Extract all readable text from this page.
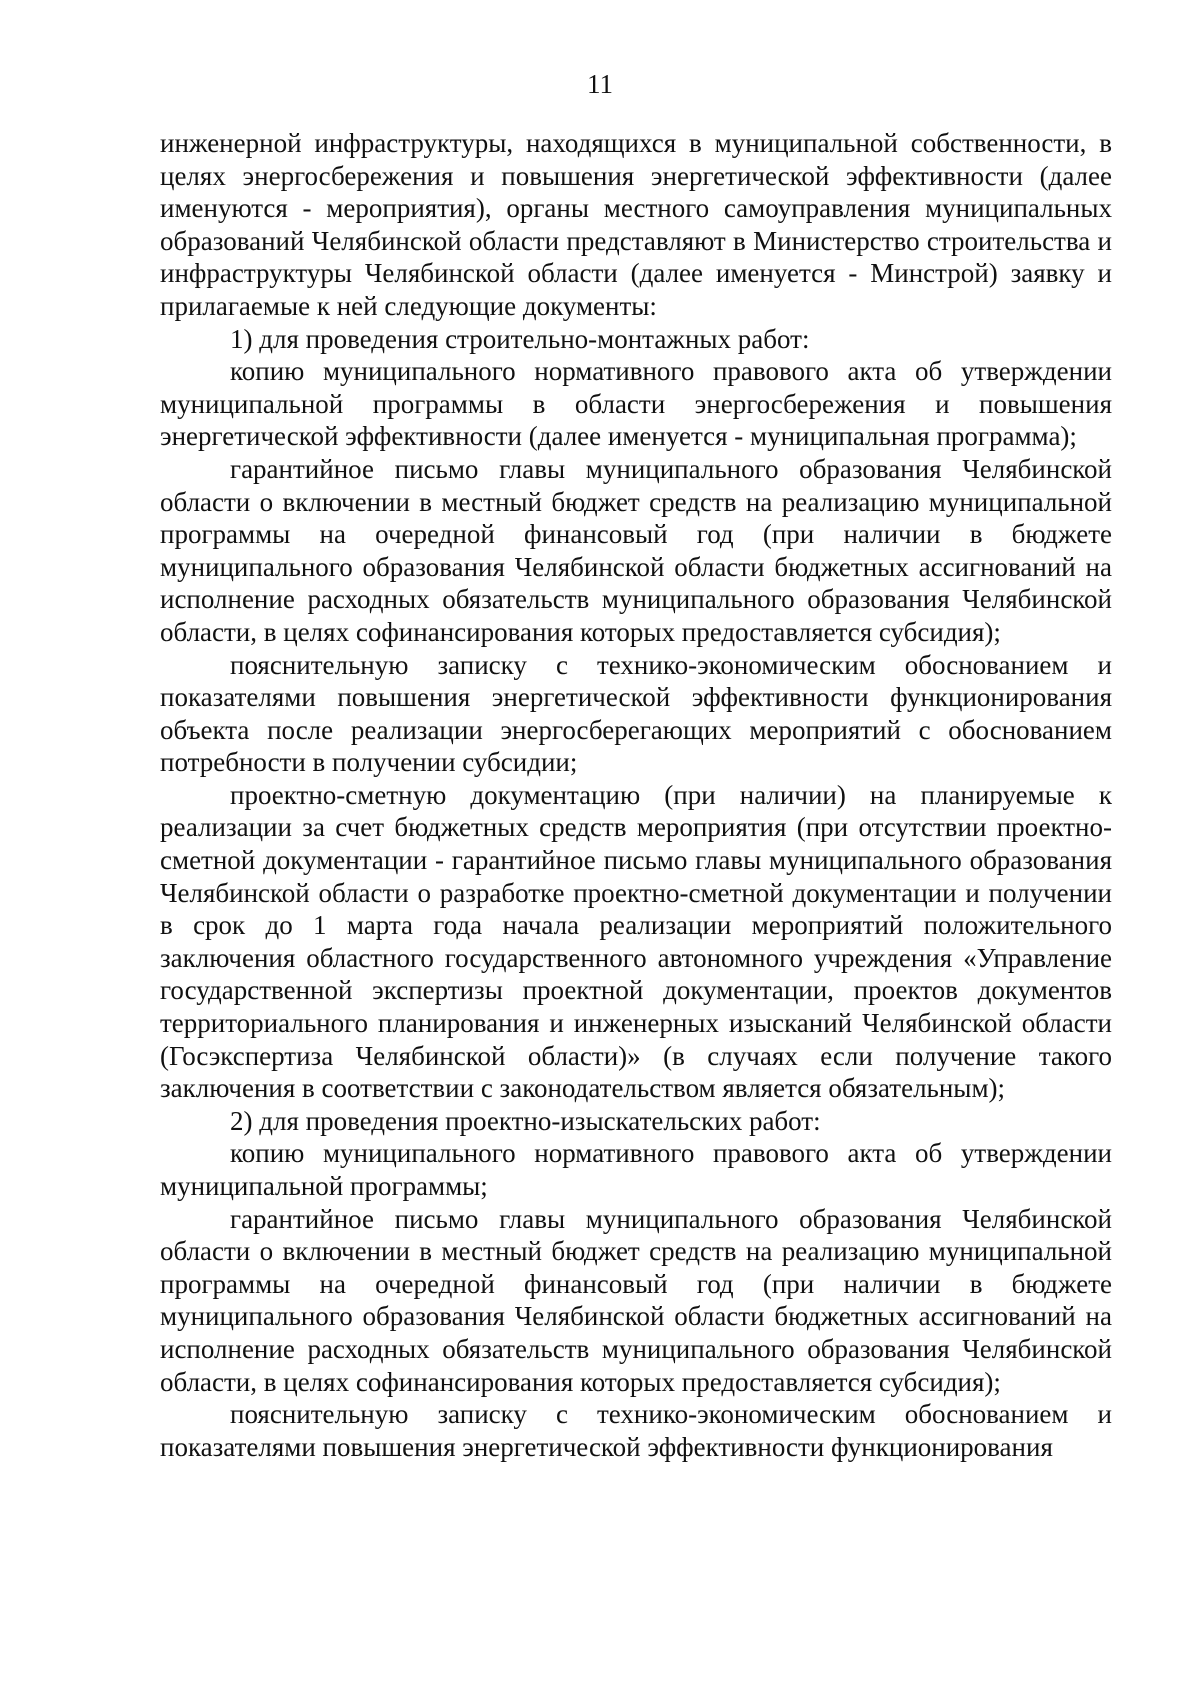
11

инженерной инфраструктуры, находящихся в муниципальной собственности, в целях энергосбережения и повышения энергетической эффективности (далее именуются - мероприятия), органы местного самоуправления муниципальных образований Челябинской области представляют в Министерство строительства и инфраструктуры Челябинской области (далее именуется - Минстрой) заявку и прилагаемые к ней следующие документы:

1) для проведения строительно-монтажных работ:

копию муниципального нормативного правового акта об утверждении муниципальной программы в области энергосбережения и повышения энергетической эффективности (далее именуется - муниципальная программа);

гарантийное письмо главы муниципального образования Челябинской области о включении в местный бюджет средств на реализацию муниципальной программы на очередной финансовый год (при наличии в бюджете муниципального образования Челябинской области бюджетных ассигнований на исполнение расходных обязательств муниципального образования Челябинской области, в целях софинансирования которых предоставляется субсидия);

пояснительную записку с технико-экономическим обоснованием и показателями повышения энергетической эффективности функционирования объекта после реализации энергосберегающих мероприятий с обоснованием потребности в получении субсидии;

проектно-сметную документацию (при наличии) на планируемые к реализации за счет бюджетных средств мероприятия (при отсутствии проектно-сметной документации - гарантийное письмо главы муниципального образования Челябинской области о разработке проектно-сметной документации и получении в срок до 1 марта года начала реализации мероприятий положительного заключения областного государственного автономного учреждения «Управление государственной экспертизы проектной документации, проектов документов территориального планирования и инженерных изысканий Челябинской области (Госэкспертиза Челябинской области)» (в случаях если получение такого заключения в соответствии с законодательством является обязательным);

2) для проведения проектно-изыскательских работ:

копию муниципального нормативного правового акта об утверждении муниципальной программы;

гарантийное письмо главы муниципального образования Челябинской области о включении в местный бюджет средств на реализацию муниципальной программы на очередной финансовый год (при наличии в бюджете муниципального образования Челябинской области бюджетных ассигнований на исполнение расходных обязательств муниципального образования Челябинской области, в целях софинансирования которых предоставляется субсидия);

пояснительную записку с технико-экономическим обоснованием и показателями повышения энергетической эффективности функционирования
